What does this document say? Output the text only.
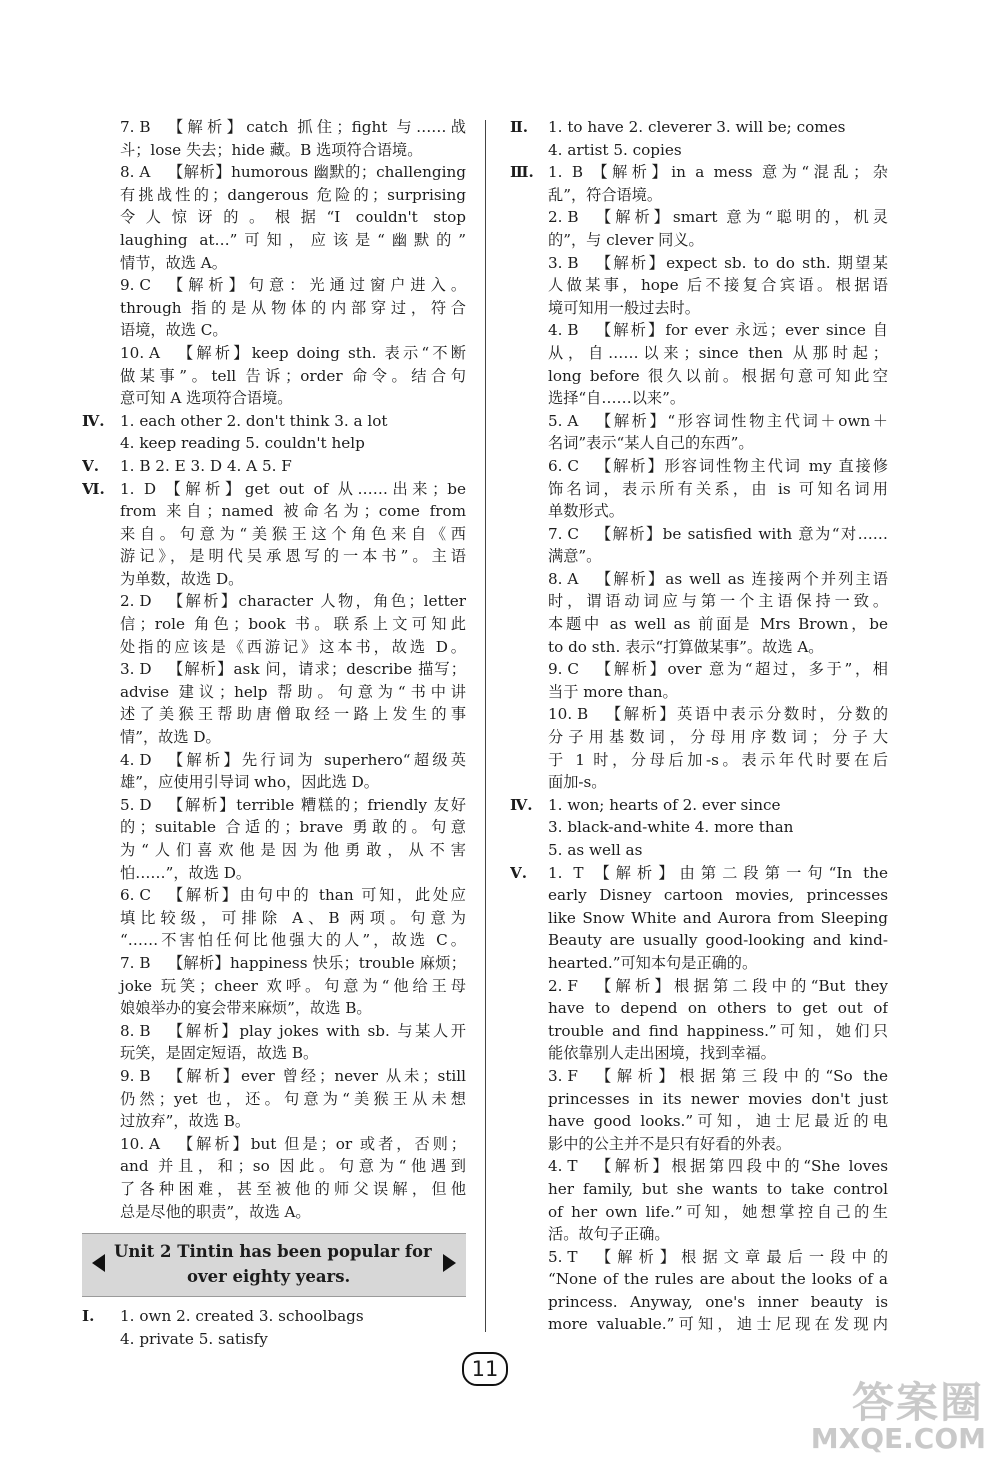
7. B 【解析】catch 抓住；fight 与……战
斗；lose 失去；hide 藏。B 选项符合语境。
8. A 【解析】humorous 幽默的；challenging
有挑战性的；dangerous 危险的；surprising
令人惊讶的。根据“I couldn't stop
laughing at…”可知，应该是“幽默的”
情节，故选 A。
9. C 【解析】句意：光通过窗户进入。
through 指的是从物体的内部穿过，符合
语境，故选 C。
10. A 【解析】keep doing sth. 表示“不断
做某事”。tell 告诉；order 命令。结合句
意可知 A 选项符合语境。
Ⅳ. 1. each other 2. don't think 3. a lot
4. keep reading 5. couldn't help
Ⅴ. 1. B 2. E 3. D 4. A 5. F
Ⅵ. 1. D 【解析】get out of 从……出来；be
from 来自；named 被命名为；come from
来自。句意为“美猴王这个角色来自《西
游记》，是明代吴承恩写的一本书”。主语
为单数，故选 D。
2. D 【解析】character 人物，角色；letter
信；role 角色；book 书。联系上文可知此
处指的应该是《西游记》这本书，故选 D。
3. D 【解析】ask 问，请求；describe 描写；
advise 建议；help 帮助。句意为“书中讲
述了美猴王帮助唐僧取经一路上发生的事
情”，故选 D。
4. D 【解析】先行词为 superhero“超级英
雄”，应使用引导词 who，因此选 D。
5. D 【解析】terrible 糟糕的；friendly 友好
的；suitable 合适的；brave 勇敢的。句意
为“人们喜欢他是因为他勇敢，从不害
怕……”，故选 D。
6. C 【解析】由句中的 than 可知，此处应
填比较级，可排除 A、B 两项。句意为
“……不害怕任何比他强大的人”，故选 C。
7. B 【解析】happiness 快乐；trouble 麻烦；
joke 玩笑；cheer 欢呼。句意为“他给王母
娘娘举办的宴会带来麻烦”，故选 B。
8. B 【解析】play jokes with sb. 与某人开
玩笑，是固定短语，故选 B。
9. B 【解析】ever 曾经；never 从未；still
仍然；yet 也，还。句意为“美猴王从未想
过放弃”，故选 B。
10. A 【解析】but 但是；or 或者，否则；
and 并且，和；so 因此。句意为“他遇到
了各种困难，甚至被他的师父误解，但他
总是尽他的职责”，故选 A。
Unit 2 Tintin has been popular for
over eighty years.
Ⅰ. 1. own 2. created 3. schoolbags
4. private 5. satisfy
Ⅱ. 1. to have 2. cleverer 3. will be; comes
4. artist 5. copies
Ⅲ. 1. B 【解析】in a mess 意为“混乱；杂
乱”，符合语境。
2. B 【解析】smart 意为“聪明的，机灵
的”，与 clever 同义。
3. B 【解析】expect sb. to do sth. 期望某
人做某事，hope 后不接复合宾语。根据语
境可知用一般过去时。
4. B 【解析】for ever 永远；ever since 自
从，自……以来；since then 从那时起；
long before 很久以前。根据句意可知此空
选择“自……以来”。
5. A 【解析】“形容词性物主代词＋own＋
名词”表示“某人自己的东西”。
6. C 【解析】形容词性物主代词 my 直接修
饰名词，表示所有关系，由 is 可知名词用
单数形式。
7. C 【解析】be satisfied with 意为“对……
满意”。
8. A 【解析】as well as 连接两个并列主语
时，谓语动词应与第一个主语保持一致。
本题中 as well as 前面是 Mrs Brown，be
to do sth. 表示“打算做某事”。故选 A。
9. C 【解析】over 意为“超过，多于”，相
当于 more than。
10. B 【解析】英语中表示分数时，分数的
分子用基数词，分母用序数词；分子大
于 1 时，分母后加-s。表示年代时要在后
面加-s。
Ⅳ. 1. won; hearts of 2. ever since
3. black-and-white 4. more than
5. as well as
Ⅴ. 1. T 【解析】由第二段第一句“In the
early Disney cartoon movies, princesses
like Snow White and Aurora from Sleeping
Beauty are usually good-looking and kind-
hearted.”可知本句是正确的。
2. F 【解析】根据第二段中的“But they
have to depend on others to get out of
trouble and find happiness.”可知，她们只
能依靠别人走出困境，找到幸福。
3. F 【解析】根据第三段中的“So the
princesses in its newer movies don't just
have good looks.”可知，迪士尼最近的电
影中的公主并不是只有好看的外表。
4. T 【解析】根据第四段中的“She loves
her family, but she wants to take control
of her own life.”可知，她想掌控自己的生
活。故句子正确。
5. T 【解析】根据文章最后一段中的
“None of the rules are about the looks of a
princess. Anyway, one's inner beauty is
more valuable.”可知，迪士尼现在发现内
11
答案圈
MXQE.COM
